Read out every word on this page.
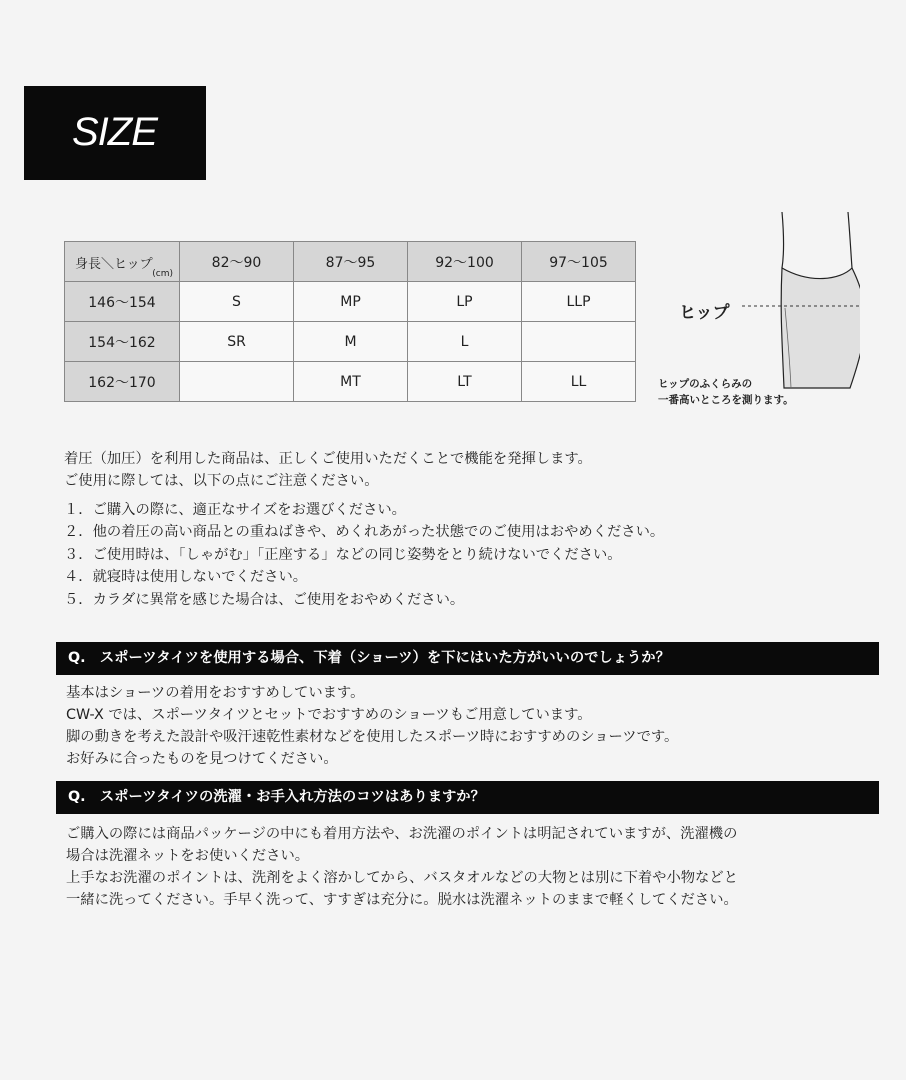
SIZE
身長＼ヒップ
(cm)	82〜90	87〜95	92〜100	97〜105
146〜154	S	MP	LP	LLP
154〜162	SR	M	L	
162〜170		MT	LT	LL
ヒップ
ヒップのふくらみの
一番高いところを測ります。

着圧（加圧）を利用した商品は、正しくご使用いただくことで機能を発揮します。

ご使用に際しては、以下の点にご注意ください。

１．ご購入の際に、適正なサイズをお選びください。
２．他の着圧の高い商品との重ねばきや、めくれあがった状態でのご使用はおやめください。
３．ご使用時は、「しゃがむ」「正座する」などの同じ姿勢をとり続けないでください。
４．就寝時は使用しないでください。
５．カラダに異常を感じた場合は、ご使用をおやめください。
Q.　スポーツタイツを使用する場合、下着（ショーツ）を下にはいた方がいいのでしょうか？
基本はショーツの着用をおすすめしています。
CW-X では、スポーツタイツとセットでおすすめのショーツもご用意しています。
脚の動きを考えた設計や吸汗速乾性素材などを使用したスポーツ時におすすめのショーツです。
お好みに合ったものを見つけてください。
Q.　スポーツタイツの洗濯・お手入れ方法のコツはありますか？
ご購入の際には商品パッケージの中にも着用方法や、お洗濯のポイントは明記されていますが、洗濯機の
場合は洗濯ネットをお使いください。
上手なお洗濯のポイントは、洗剤をよく溶かしてから、バスタオルなどの大物とは別に下着や小物などと
一緒に洗ってください。手早く洗って、すすぎは充分に。脱水は洗濯ネットのままで軽くしてください。
